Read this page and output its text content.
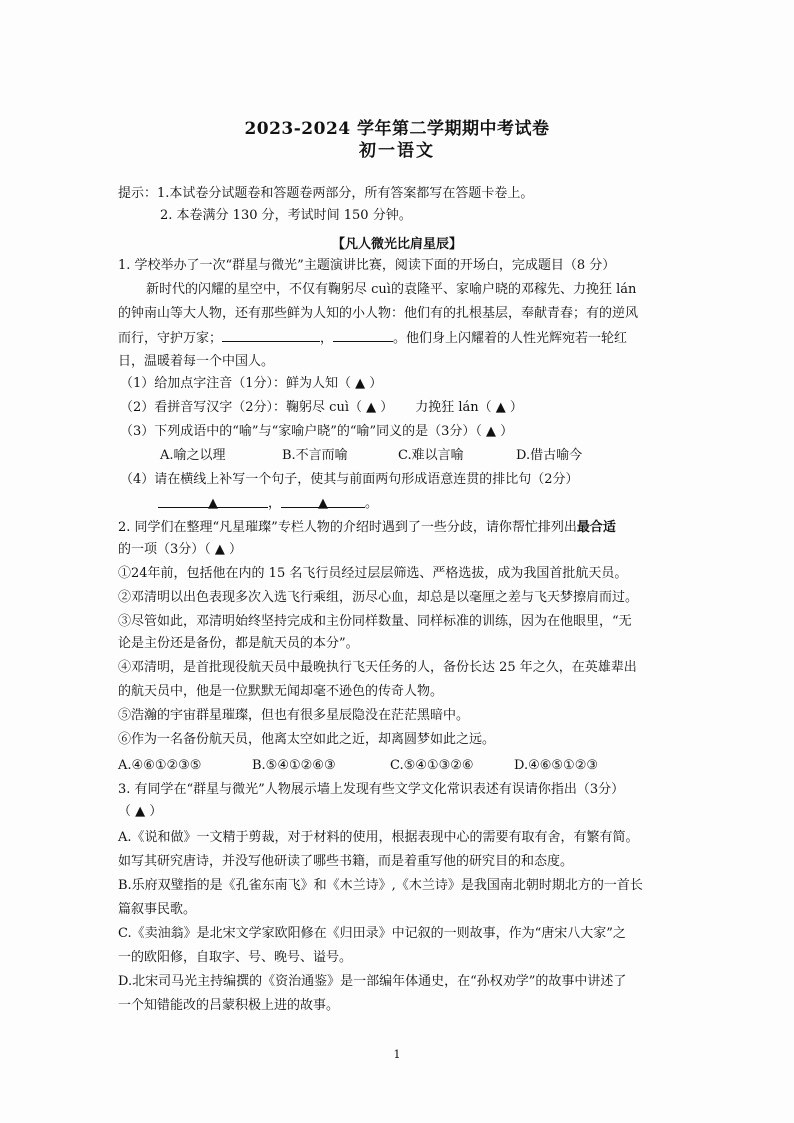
2023-2024 学年第二学期期中考试卷
初一语文
提示：1.本试卷分试题卷和答题卷两部分，所有答案都写在答题卡卷上。
2. 本卷满分 130 分，考试时间 150 分钟。
【凡人微光比肩星辰】
1. 学校举办了一次“群星与微光”主题演讲比赛，阅读下面的开场白，完成题目（8 分）
新时代的闪耀的星空中，不仅有鞠躬尽 cuì的袁隆平、家喻户晓的邓稼先、力挽狂 lán
的钟南山等大人物，还有那些鲜为人知的小人物：他们有的扎根基层，奉献青春；有的逆风
而行，守护万家；	，	。他们身上闪耀着的人性光辉宛若一轮红
日，温暖着每一个中国人。
（1）给加点字注音（1分）：鲜为人知（ ▲ ）
（2）看拼音写汉字（2分）：鞠躬尽 cuì（ ▲ ） 力挽狂 lán（ ▲ ）
（3）下列成语中的“喻”与“家喻户晓”的“喻”同义的是（3分）（ ▲ ）
A.喻之以理	B.不言而喻	C.难以言喻	D.借古喻今
（4）请在横线上补写一个句子，使其与前面两句形成语意连贯的排比句（2分）
▲	，	▲	。
2. 同学们在整理“凡星璀璨”专栏人物的介绍时遇到了一些分歧，请你帮忙排列出最合适
的一项（3分）（ ▲ ）
①24年前，包括他在内的 15 名飞行员经过层层筛选、严格选拔，成为我国首批航天员。
②邓清明以出色表现多次入选飞行乘组，沥尽心血，却总是以毫厘之差与飞天梦擦肩而过。
③尽管如此，邓清明始终坚持完成和主份同样数量、同样标准的训练，因为在他眼里，“无
论是主份还是备份，都是航天员的本分”。
④邓清明，是首批现役航天员中最晚执行飞天任务的人，备份长达 25 年之久，在英雄辈出
的航天员中，他是一位默默无闻却毫不逊色的传奇人物。
⑤浩瀚的宇宙群星璀璨，但也有很多星辰隐没在茫茫黑暗中。
⑥作为一名备份航天员，他离太空如此之近，却离圆梦如此之远。
A.④⑥①②③⑤	B.⑤④①②⑥③	C.⑤④①③②⑥	D.④⑥⑤①②③
3. 有同学在“群星与微光”人物展示墙上发现有些文学文化常识表述有误请你指出（3分）
（ ▲ ）
A.《说和做》一文精于剪裁，对于材料的使用，根据表现中心的需要有取有舍，有繁有简。
如写其研究唐诗，并没写他研读了哪些书籍，而是着重写他的研究目的和态度。
B.乐府双璧指的是《孔雀东南飞》和《木兰诗》,《木兰诗》是我国南北朝时期北方的一首长
篇叙事民歌。
C.《卖油翁》是北宋文学家欧阳修在《归田录》中记叙的一则故事，作为“唐宋八大家”之
一的欧阳修，自取字、号、晚号、谥号。
D.北宋司马光主持编撰的《资治通鉴》是一部编年体通史，在“孙权劝学”的故事中讲述了
一个知错能改的吕蒙积极上进的故事。
1
